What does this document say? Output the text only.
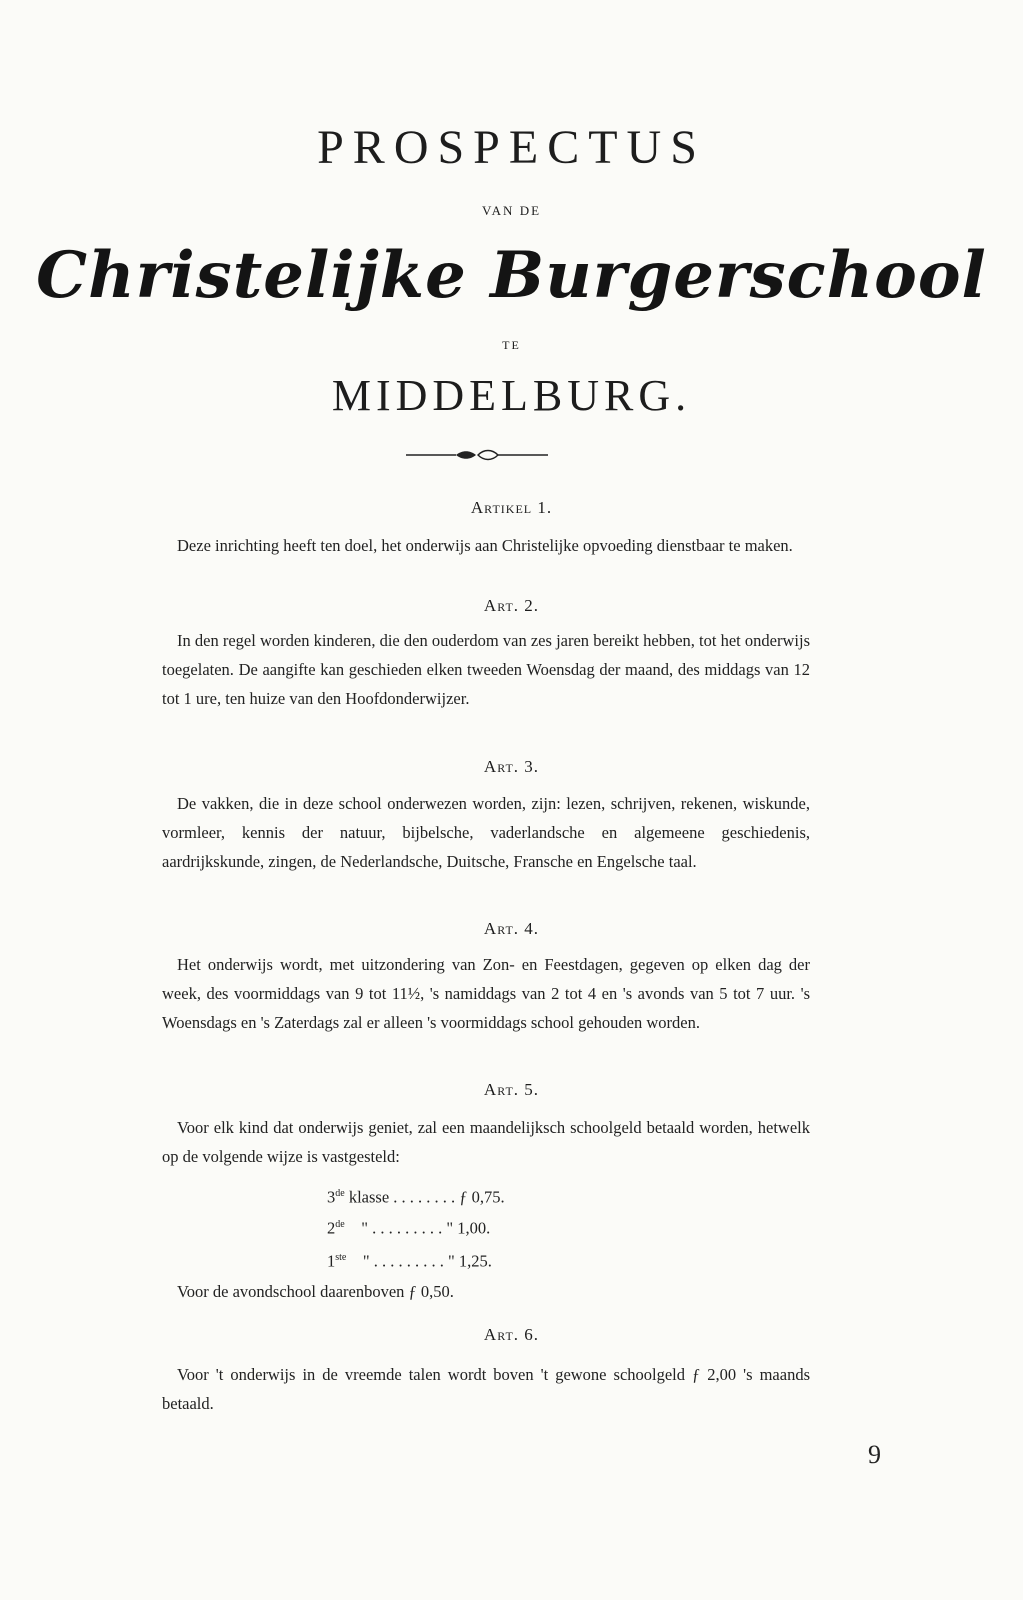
PROSPECTUS
VAN DE
Christelijke Burgerschool
TE
MIDDELBURG.
Artikel 1.
Deze inrichting heeft ten doel, het onderwijs aan Christelijke opvoeding dienstbaar te maken.
Art. 2.
In den regel worden kinderen, die den ouderdom van zes jaren bereikt hebben, tot het onderwijs toegelaten. De aangifte kan geschieden elken tweeden Woensdag der maand, des middags van 12 tot 1 ure, ten huize van den Hoofdonderwijzer.
Art. 3.
De vakken, die in deze school onderwezen worden, zijn: lezen, schrijven, rekenen, wiskunde, vormleer, kennis der natuur, bijbelsche, vaderlandsche en algemeene geschiedenis, aardrijkskunde, zingen, de Nederlandsche, Duitsche, Fransche en Engelsche taal.
Art. 4.
Het onderwijs wordt, met uitzondering van Zon- en Feestdagen, gegeven op elken dag der week, des voormiddags van 9 tot 11½, 's namiddags van 2 tot 4 en 's avonds van 5 tot 7 uur. 's Woensdags en 's Zaterdags zal er alleen 's voormiddags school gehouden worden.
Art. 5.
Voor elk kind dat onderwijs geniet, zal een maandelijksch schoolgeld betaald worden, hetwelk op de volgende wijze is vastgesteld:
3de klasse . . . . . . . . ƒ 0,75.
2de    " . . . . . . . . . " 1,00.
1ste    " . . . . . . . . . " 1,25.
Voor de avondschool daarenboven ƒ 0,50.
Art. 6.
Voor 't onderwijs in de vreemde talen wordt boven 't gewone schoolgeld ƒ 2,00 's maands betaald.
9
